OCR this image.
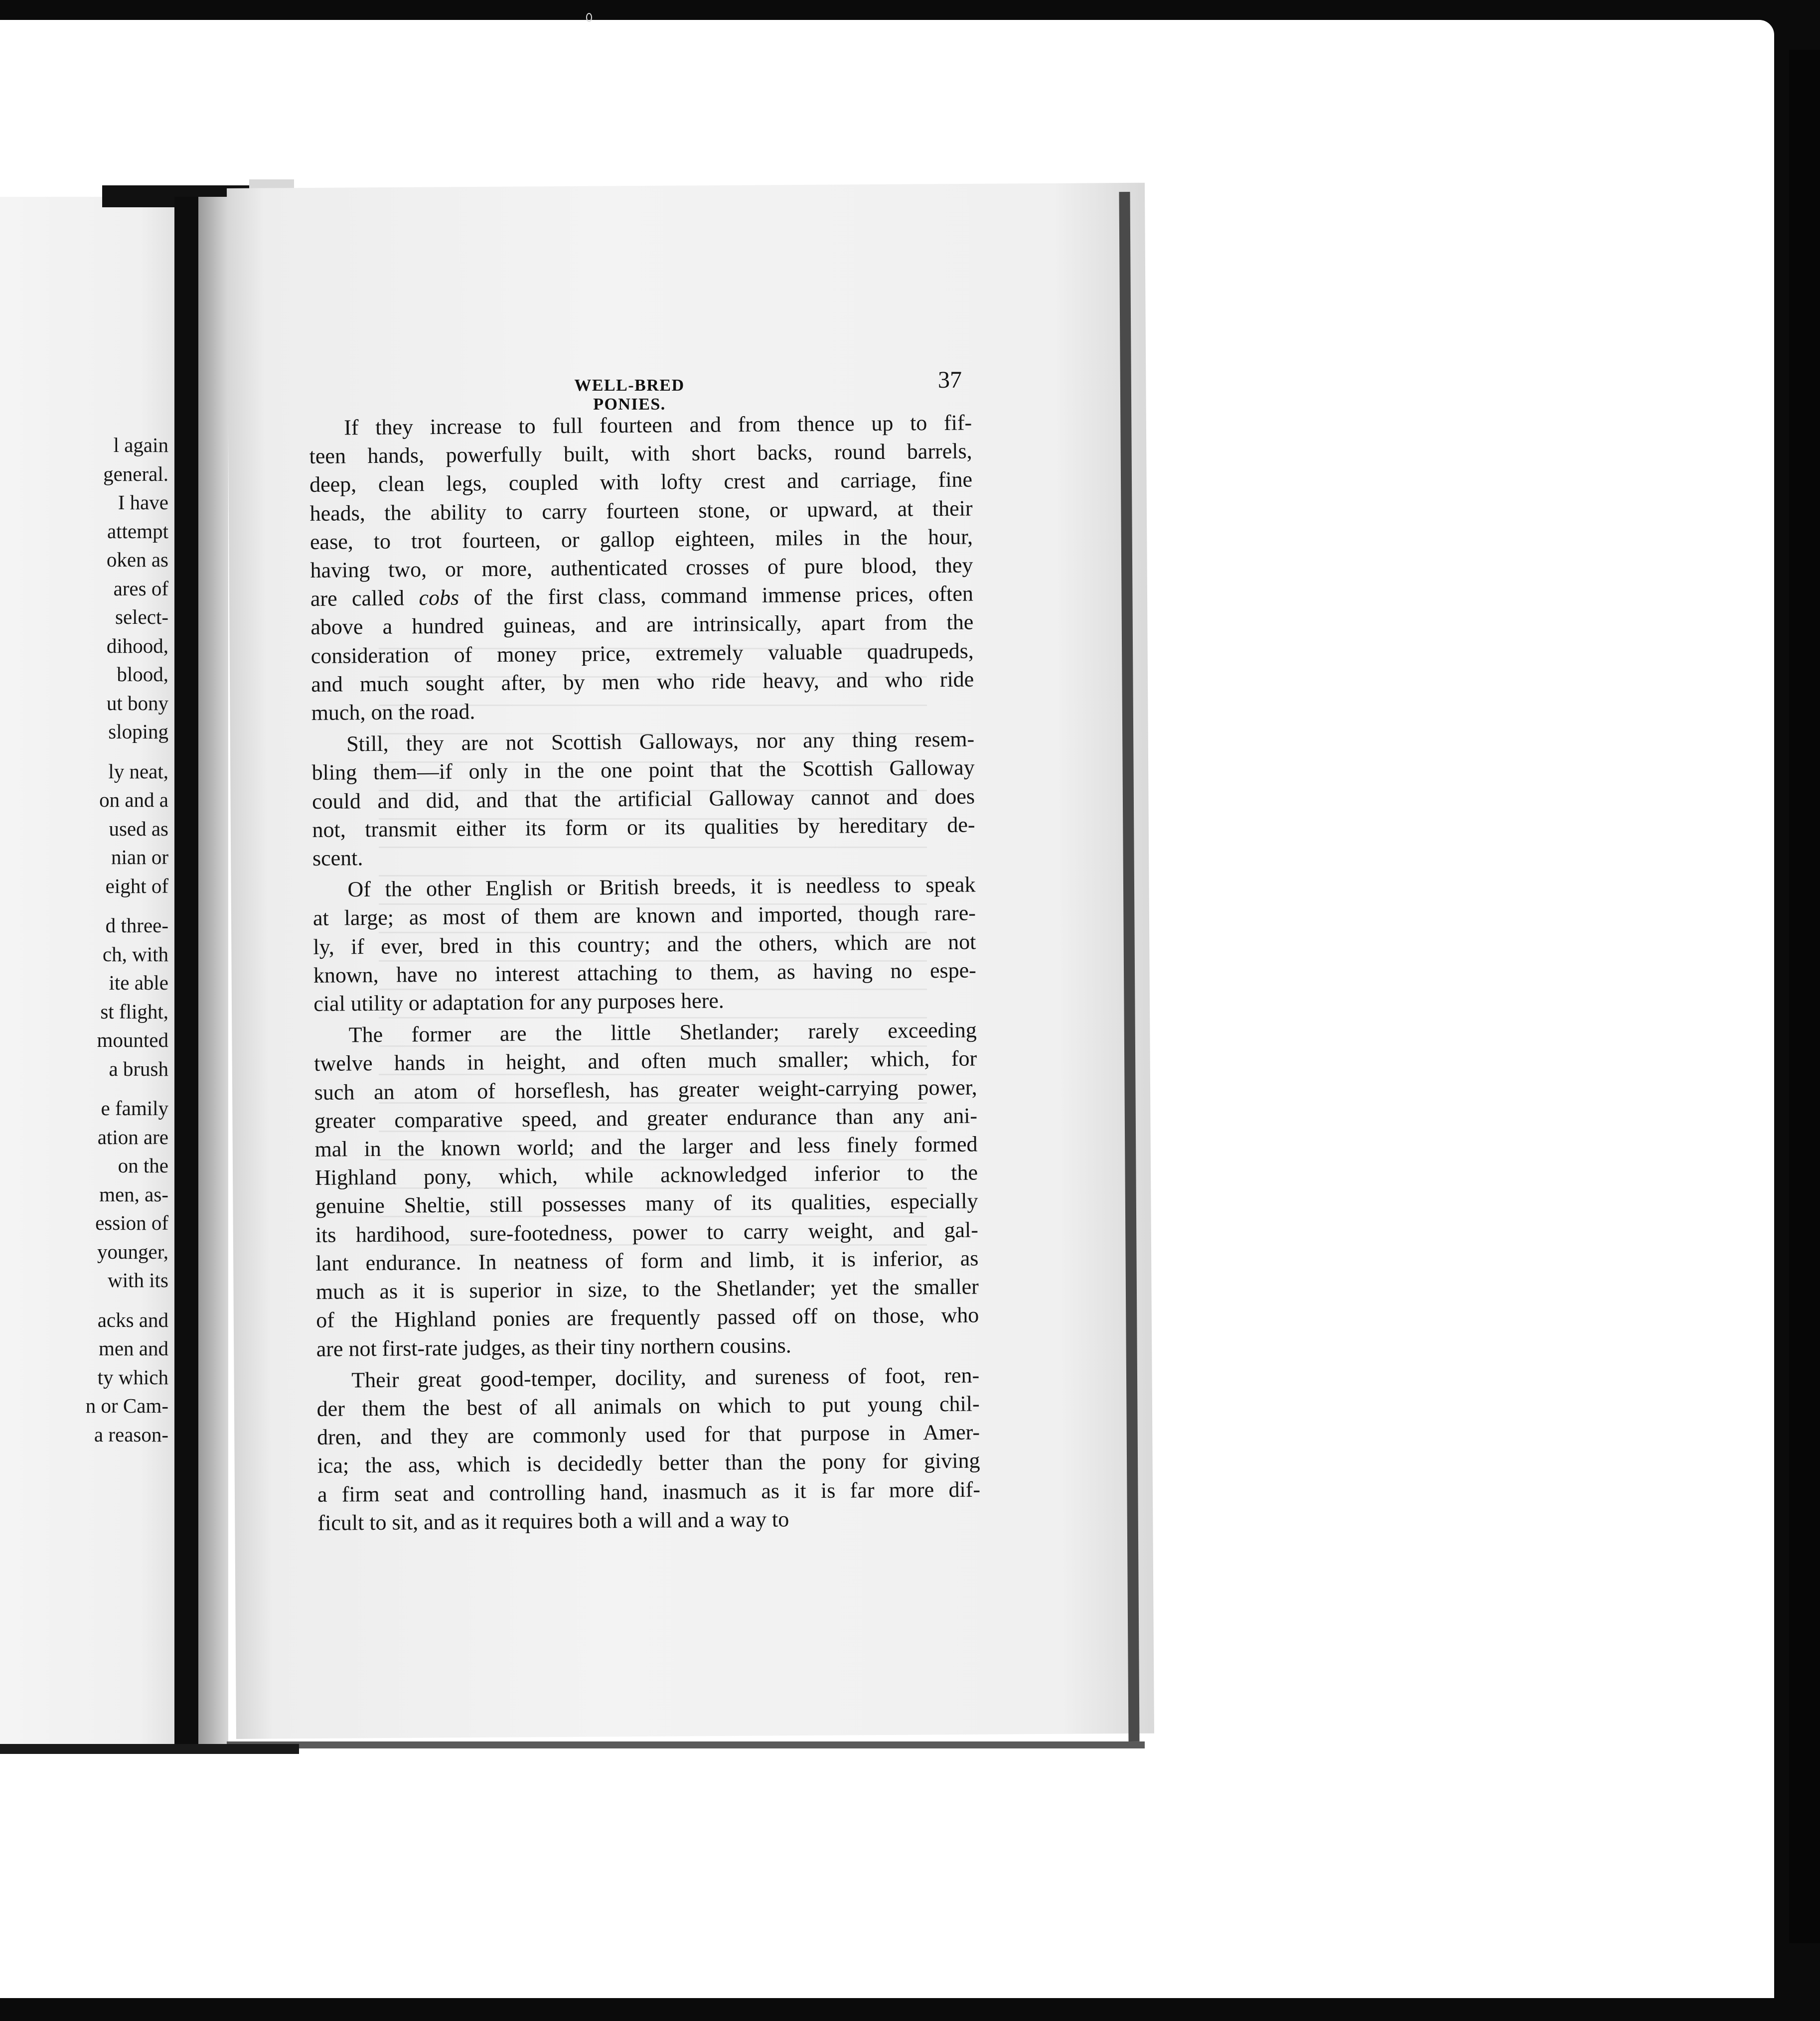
l again
general.
I have
attempt
oken as
ares of
select-
dihood,
blood,
ut bony
sloping
ly neat,
on and a
used as
nian or
eight of
d three-
ch, with
ite able
st flight,
mounted
a brush
e family
ation are
on the
men, as-
ession of
younger,
with its
acks and
men and
ty which
n or Cam-
a reason-
WELL-BRED PONIES.
37
If they increase to full fourteen and from thence up to fif-
teen hands, powerfully built, with short backs, round barrels,
deep, clean legs, coupled with lofty crest and carriage, fine
heads, the ability to carry fourteen stone, or upward, at their
ease, to trot fourteen, or gallop eighteen, miles in the hour,
having two, or more, authenticated crosses of pure blood, they
are called cobs of the first class, command immense prices, often
above a hundred guineas, and are intrinsically, apart from the
consideration of money price, extremely valuable quadrupeds,
and much sought after, by men who ride heavy, and who ride
much, on the road.
Still, they are not Scottish Galloways, nor any thing resem-
bling them—if only in the one point that the Scottish Galloway
could and did, and that the artificial Galloway cannot and does
not, transmit either its form or its qualities by hereditary de-
scent.
Of the other English or British breeds, it is needless to speak
at large; as most of them are known and imported, though rare-
ly, if ever, bred in this country; and the others, which are not
known, have no interest attaching to them, as having no espe-
cial utility or adaptation for any purposes here.
The former are the little Shetlander; rarely exceeding
twelve hands in height, and often much smaller; which, for
such an atom of horseflesh, has greater weight-carrying power,
greater comparative speed, and greater endurance than any ani-
mal in the known world; and the larger and less finely formed
Highland pony, which, while acknowledged inferior to the
genuine Sheltie, still possesses many of its qualities, especially
its hardihood, sure-footedness, power to carry weight, and gal-
lant endurance. In neatness of form and limb, it is inferior, as
much as it is superior in size, to the Shetlander; yet the smaller
of the Highland ponies are frequently passed off on those, who
are not first-rate judges, as their tiny northern cousins.
Their great good-temper, docility, and sureness of foot, ren-
der them the best of all animals on which to put young chil-
dren, and they are commonly used for that purpose in Amer-
ica; the ass, which is decidedly better than the pony for giving
a firm seat and controlling hand, inasmuch as it is far more dif-
ficult to sit, and as it requires both a will and a way to
